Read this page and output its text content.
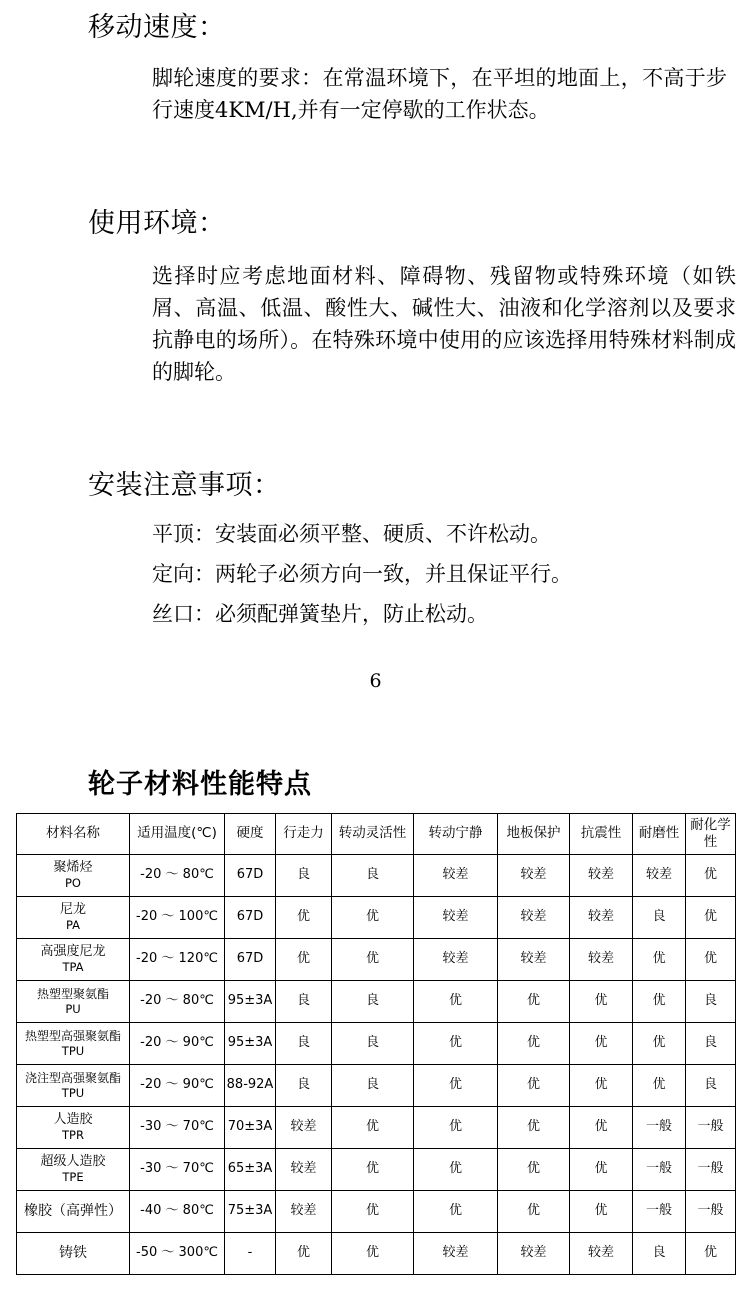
移动速度：

脚轮速度的要求：在常温环境下，在平坦的地面上，不高于步行速度4KM/H,并有一定停歇的工作状态。

使用环境：

选择时应考虑地面材料、障碍物、残留物或特殊环境（如铁屑、高温、低温、酸性大、碱性大、油液和化学溶剂以及要求抗静电的场所）。在特殊环境中使用的应该选择用特殊材料制成的脚轮。

安装注意事项：
平顶：安装面必须平整、硬质、不许松动。
定向：两轮子必须方向一致，并且保证平行。
丝口：必须配弹簧垫片，防止松动。
6
轮子材料性能特点
材料名称	适用温度(℃)	硬度	行走力	转动灵活性	转动宁静	地板保护	抗震性	耐磨性	耐化学性
聚烯烃
PO	-20 ～ 80℃	67D	良	良	较差	较差	较差	较差	优
尼龙
PA	-20 ～ 100℃	67D	优	优	较差	较差	较差	良	优
高强度尼龙
TPA	-20 ～ 120℃	67D	优	优	较差	较差	较差	优	优
热塑型聚氨酯
PU	-20 ～ 80℃	95±3A	良	良	优	优	优	优	良
热塑型高强聚氨酯
TPU	-20 ～ 90℃	95±3A	良	良	优	优	优	优	良
浇注型高强聚氨酯
TPU	-20 ～ 90℃	88-92A	良	良	优	优	优	优	良
人造胶
TPR	-30 ～ 70℃	70±3A	较差	优	优	优	优	一般	一般
超级人造胶
TPE	-30 ～ 70℃	65±3A	较差	优	优	优	优	一般	一般
橡胶（高弹性）	-40 ～ 80℃	75±3A	较差	优	优	优	优	一般	一般
铸铁	-50 ～ 300℃	-	优	优	较差	较差	较差	良	优
